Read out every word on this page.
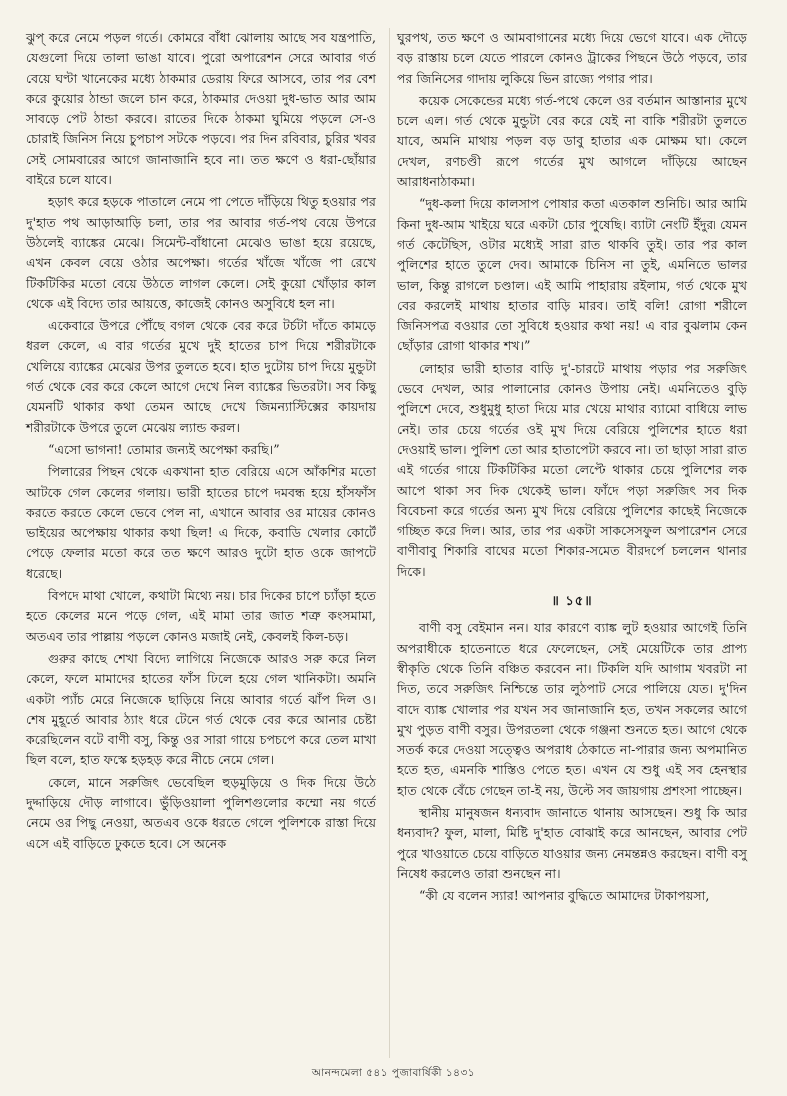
ঝুপ্ করে নেমে পড়ল গর্তে। কোমরে বাঁধা ঝোলায় আছে সব যন্ত্রপাতি, যেগুলো দিয়ে তালা ভাঙা যাবে। পুরো অপারেশন সেরে আবার গর্ত বেয়ে ঘণ্টা খানেকের মধ্যে ঠাকমার ডেরায় ফিরে আসবে, তার পর বেশ করে কুয়োর ঠান্ডা জলে চান করে, ঠাকমার দেওয়া দুধ-ভাত আর আম সাবড়ে পেট ঠান্ডা করবে। রাতের দিকে ঠাকমা ঘুমিয়ে পড়লে সে-ও চোরাই জিনিস নিয়ে চুপচাপ সটকে পড়বে। পর দিন রবিবার, চুরির খবর সেই সোমবারের আগে জানাজানি হবে না। তত ক্ষণে ও ধরা-ছোঁয়ার বাইরে চলে যাবে।

হড়াৎ করে হড়কে পাতালে নেমে পা পেতে দাঁড়িয়ে থিতু হওয়ার পর দু'হাত পথ আড়াআড়ি চলা, তার পর আবার গর্ত-পথ বেয়ে উপরে উঠলেই ব্যাঙ্কের মেঝে। সিমেন্ট-বাঁধানো মেঝেও ভাঙা হয়ে রয়েছে, এখন কেবল বেয়ে ওঠার অপেক্ষা। গর্তের খাঁজে খাঁজে পা রেখে টিকটিকির মতো বেয়ে উঠতে লাগল কেলে। সেই কুয়ো খোঁড়ার কাল থেকে এই বিদ্যে তার আয়ত্তে, কাজেই কোনও অসুবিধে হল না।

একেবারে উপরে পৌঁছে বগল থেকে বের করে টর্চটা দাঁতে কামড়ে ধরল কেলে, এ বার গর্তের মুখে দুই হাতের চাপ দিয়ে শরীরটাকে খেলিয়ে ব্যাঙ্কের মেঝের উপর তুলতে হবে। হাত দুটোয় চাপ দিয়ে মুন্ডুটা গর্ত থেকে বের করে কেলে আগে দেখে নিল ব্যাঙ্কের ভিতরটা। সব কিছু যেমনটি থাকার কথা তেমন আছে দেখে জিমন্যাস্টিক্সের কায়দায় শরীরটাকে উপরে তুলে মেঝেয় ল্যান্ড করল।

“এসো ভাগনা! তোমার জন্যই অপেক্ষা করছি।”

পিলারের পিছন থেকে একখানা হাত বেরিয়ে এসে আঁকশির মতো আটকে গেল কেলের গলায়। ভারী হাতের চাপে দমবন্ধ হয়ে হাঁসফাঁস করতে করতে কেলে ভেবে পেল না, এখানে আবার ওর মায়ের কোনও ভাইয়ের অপেক্ষায় থাকার কথা ছিল! এ দিকে, কবাডি খেলার কোর্টে পেড়ে ফেলার মতো করে তত ক্ষণে আরও দুটো হাত ওকে জাপটে ধরেছে।

বিপদে মাথা খোলে, কথাটা মিথ্যে নয়। চার দিকের চাপে চ্যাঁড়া হতে হতে কেলের মনে পড়ে গেল, এই মামা তার জাত শত্রু কংসমামা, অতএব তার পাল্লায় পড়লে কোনও মজাই নেই, কেবলই কিল-চড়।

গুরুর কাছে শেখা বিদ্যে লাগিয়ে নিজেকে আরও সরু করে নিল কেলে, ফলে মামাদের হাতের ফাঁস ঢিলে হয়ে গেল খানিকটা। অমনি একটা প্যাঁচ মেরে নিজেকে ছাড়িয়ে নিয়ে আবার গর্তে ঝাঁপ দিল ও। শেষ মুহূর্তে আবার ঠ্যাং ধরে টেনে গর্ত থেকে বের করে আনার চেষ্টা করেছিলেন বটে বাণী বসু, কিন্তু ওর সারা গায়ে চপচপে করে তেল মাখা ছিল বলে, হাত ফস্কে হড়হড় করে নীচে নেমে গেল।

কেলে, মানে সরুজিৎ ভেবেছিল হুড়মুড়িয়ে ও দিক দিয়ে উঠে দুদ্দাড়িয়ে দৌড় লাগাবে। ভুঁড়িওয়ালা পুলিশগুলোর কম্মো নয় গর্তে নেমে ওর পিছু নেওয়া, অতএব ওকে ধরতে গেলে পুলিশকে রাস্তা দিয়ে এসে এই বাড়িতে ঢুকতে হবে। সে অনেক

ঘুরপথ, তত ক্ষণে ও আমবাগানের মধ্যে দিয়ে ভেগে যাবে। এক দৌড়ে বড় রাস্তায় চলে যেতে পারলে কোনও ট্রাকের পিছনে উঠে পড়বে, তার পর জিনিসের গাদায় লুকিয়ে ভিন রাজ্যে পগার পার।

কয়েক সেকেন্ডের মধ্যে গর্ত-পথে কেলে ওর বর্তমান আস্তানার মুখে চলে এল। গর্ত থেকে মুন্ডুটা বের করে যেই না বাকি শরীরটা তুলতে যাবে, অমনি মাথায় পড়ল বড় ডাবু হাতার এক মোক্ষম ঘা। কেলে দেখল, রণচণ্ডী রূপে গর্তের মুখ আগলে দাঁড়িয়ে আছেন আরাধনাঠাকমা।

“দুধ-কলা দিয়ে কালসাপ পোষার কতা এতকাল শুনিচি। আর আমি কিনা দুধ-আম খাইয়ে ঘরে একটা চোর পুষেছি। ব্যাটা নেংটি ইঁদুর৷ যেমন গর্ত কেটেছিস, ওটার মধ্যেই সারা রাত থাকবি তুই। তার পর কাল পুলিশের হাতে তুলে দেব। আমাকে চিনিস না তুই, এমনিতে ভালর ভাল, কিন্তু রাগলে চণ্ডাল। এই আমি পাহারায় রইলাম, গর্ত থেকে মুখ বের করলেই মাথায় হাতার বাড়ি মারব। তাই বলি! রোগা শরীলে জিনিসপত্র বওয়ার তো সুবিধে হওয়ার কথা নয়! এ বার বুঝলাম কেন ছোঁড়ার রোগা থাকার শখ।”

লোহার ভারী হাতার বাড়ি দু'-চারটে মাথায় পড়ার পর সরুজিৎ ভেবে দেখল, আর পালানোর কোনও উপায় নেই। এমনিতেও বুড়ি পুলিশে দেবে, শুধুমুধু হাতা দিয়ে মার খেয়ে মাথার ব্যামো বাধিয়ে লাভ নেই। তার চেয়ে গর্তের ওই মুখ দিয়ে বেরিয়ে পুলিশের হাতে ধরা দেওয়াই ভাল। পুলিশ তো আর হাতাপেটা করবে না। তা ছাড়া সারা রাত এই গর্তের গায়ে টিকটিকির মতো লেপ্টে থাকার চেয়ে পুলিশের লক আপে থাকা সব দিক থেকেই ভাল। ফাঁদে পড়া সরুজিৎ সব দিক বিবেচনা করে গর্তের অন্য মুখ দিয়ে বেরিয়ে পুলিশের কাছেই নিজেকে গচ্ছিত করে দিল। আর, তার পর একটা সাকসেসফুল অপারেশন সেরে বাণীবাবু শিকারি বাঘের মতো শিকার-সমেত বীরদর্পে চললেন থানার দিকে।

॥ ১৫॥

বাণী বসু বেইমান নন। যার কারণে ব্যাঙ্ক লুট হওয়ার আগেই তিনি অপরাধীকে হাতেনাতে ধরে ফেলেছেন, সেই মেয়েটিকে তার প্রাপ্য স্বীকৃতি থেকে তিনি বঞ্চিত করবেন না। টিকলি যদি আগাম খবরটা না দিত, তবে সরুজিৎ নিশ্চিন্তে তার লুঠপাট সেরে পালিয়ে যেত। দু'দিন বাদে ব্যাঙ্ক খোলার পর যখন সব জানাজানি হত, তখন সকলের আগে মুখ পুড়ত বাণী বসুর। উপরতলা থেকে গঞ্জনা শুনতে হত। আগে থেকে সতর্ক করে দেওয়া সত্ত্বেও অপরাধ ঠেকাতে না-পারার জন্য অপমানিত হতে হত, এমনকি শাস্তিও পেতে হত। এখন যে শুধু এই সব হেনস্থার হাত থেকে বেঁচে গেছেন তা-ই নয়, উল্টে সব জায়গায় প্রশংসা পাচ্ছেন।

স্থানীয় মানুষজন ধন্যবাদ জানাতে থানায় আসছেন। শুধু কি আর ধন্যবাদ? ফুল, মালা, মিষ্টি দু'হাত বোঝাই করে আনছেন, আবার পেট পুরে খাওয়াতে চেয়ে বাড়িতে যাওয়ার জন্য নেমন্তন্নও করছেন। বাণী বসু নিষেধ করলেও তারা শুনছেন না।

“কী যে বলেন স্যার! আপনার বুদ্ধিতে আমাদের টাকাপয়সা,

আনন্দমেলা ৫৪১ পুজাবার্ষিকী ১৪৩১
